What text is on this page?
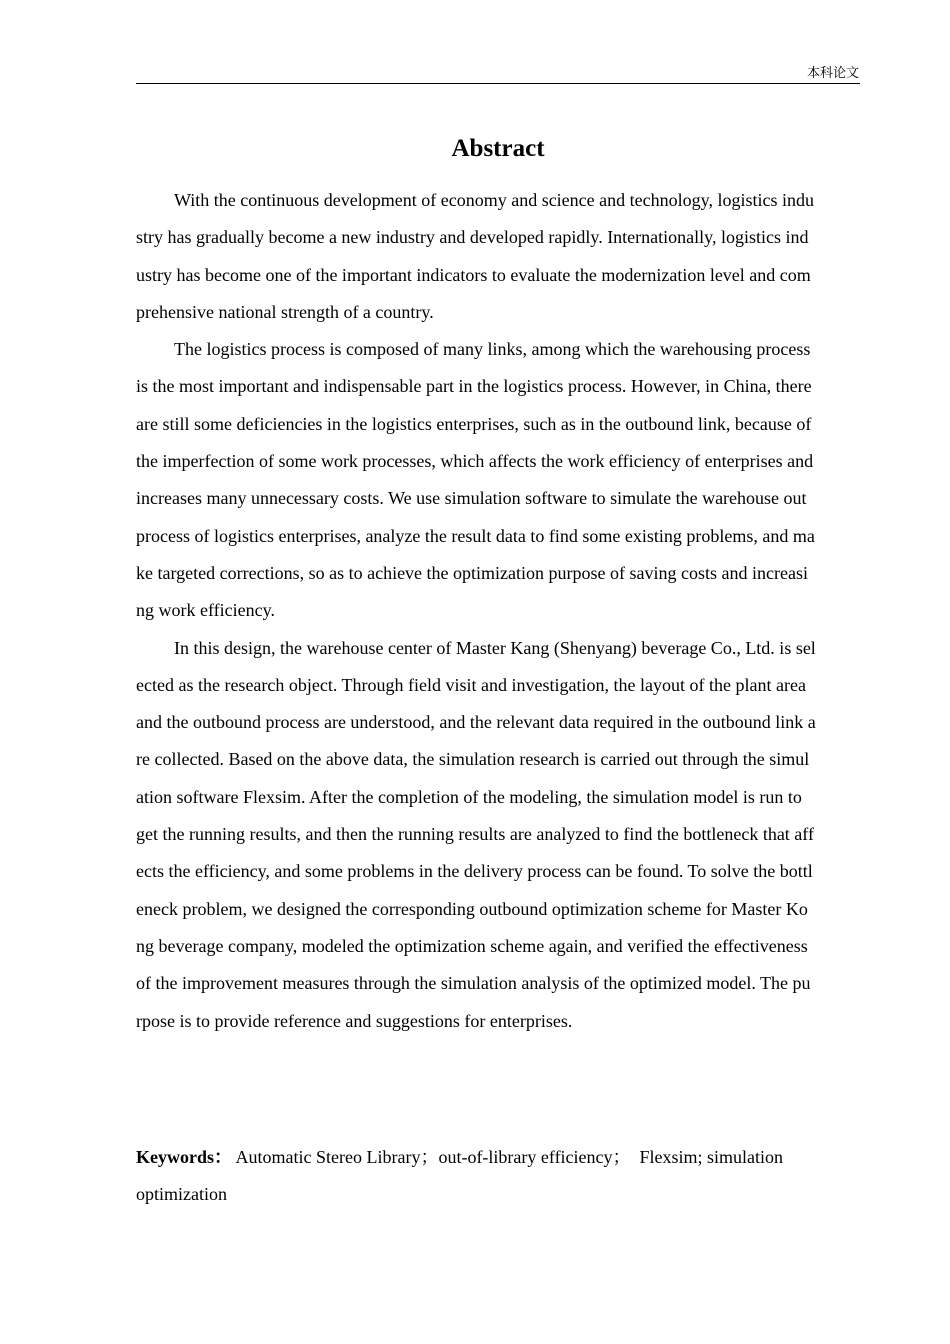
本科论文
Abstract
With the continuous development of economy and science and technology, logistics indu
stry has gradually become a new industry and developed rapidly. Internationally, logistics ind
ustry has become one of the important indicators to evaluate the modernization level and com
prehensive national strength of a country.
The logistics process is composed of many links, among which the warehousing process
is the most important and indispensable part in the logistics process. However, in China, there
are still some deficiencies in the logistics enterprises, such as in the outbound link, because of
the imperfection of some work processes, which affects the work efficiency of enterprises and
increases many unnecessary costs. We use simulation software to simulate the warehouse out
process of logistics enterprises, analyze the result data to find some existing problems, and ma
ke targeted corrections, so as to achieve the optimization purpose of saving costs and increasi
ng work efficiency.
In this design, the warehouse center of Master Kang (Shenyang) beverage Co., Ltd. is sel
ected as the research object. Through field visit and investigation, the layout of the plant area
and the outbound process are understood, and the relevant data required in the outbound link a
re collected. Based on the above data, the simulation research is carried out through the simul
ation software Flexsim. After the completion of the modeling, the simulation model is run to
get the running results, and then the running results are analyzed to find the bottleneck that aff
ects the efficiency, and some problems in the delivery process can be found. To solve the bottl
eneck problem, we designed the corresponding outbound optimization scheme for Master Ko
ng beverage company, modeled the optimization scheme again, and verified the effectiveness
of the improvement measures through the simulation analysis of the optimized model. The pu
rpose is to provide reference and suggestions for enterprises.
Keywords： Automatic Stereo Library；out-of-library efficiency；  Flexsim; simulation
optimization
